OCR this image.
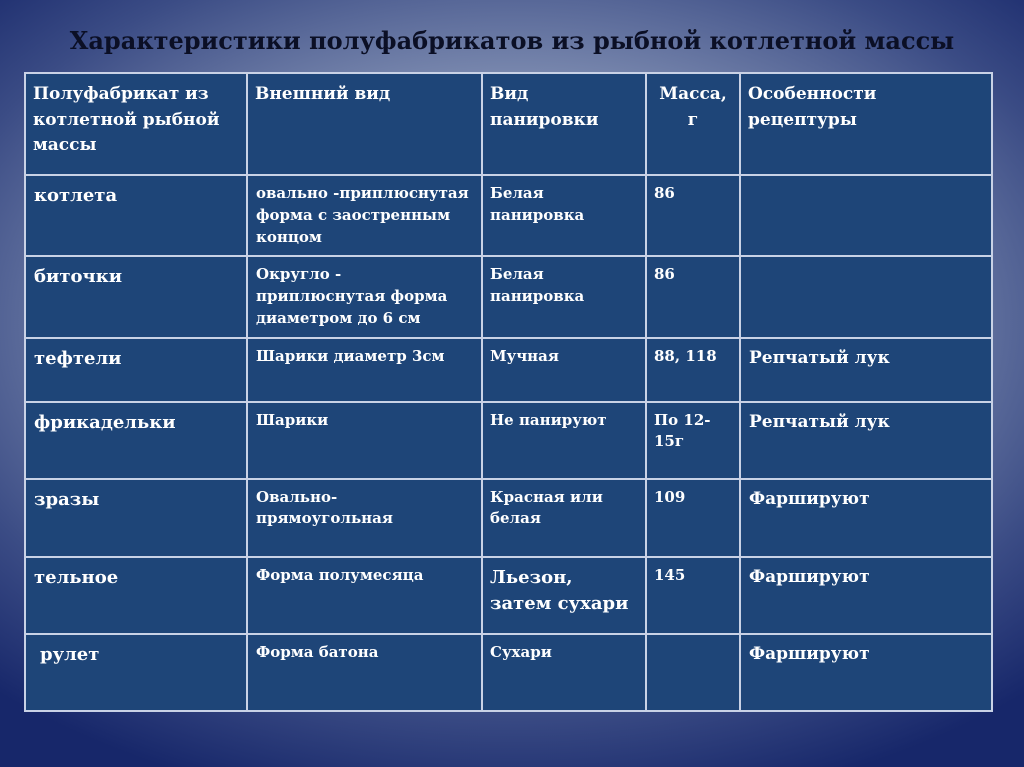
Характеристики полуфабрикатов из рыбной котлетной массы
Полуфабрикат из котлетной рыбной массы	Внешний вид	Вид панировки	Масса, г	Особенности рецептуры
котлета	овально -приплюснутая форма с заостренным концом	Белая панировка	86	
биточки	Округло - приплюснутая форма диаметром до 6 см	Белая панировка	86	
тефтели	Шарики диаметр 3см	Мучная	88, 118	Репчатый лук
фрикадельки	Шарики	Не панируют	По 12-15г	Репчатый лук
зразы	Овально-прямоугольная	Красная или белая	109	Фаршируют
тельное	Форма полумесяца	Льезон, затем сухари	145	Фаршируют
рулет	Форма батона	Сухари		Фаршируют
